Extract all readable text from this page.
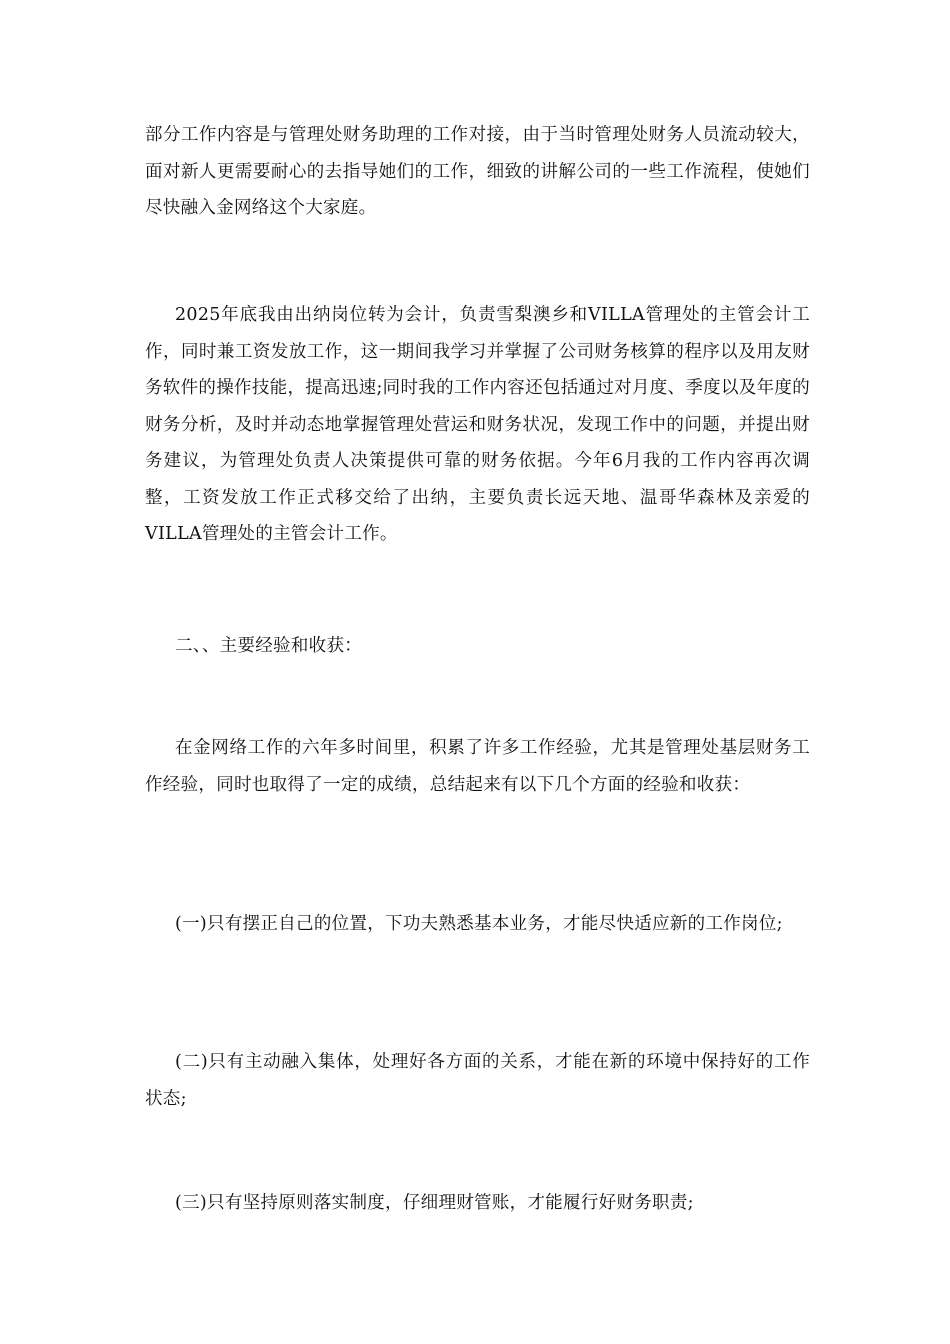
部分工作内容是与管理处财务助理的工作对接，由于当时管理处财务人员流动较大，面对新人更需要耐心的去指导她们的工作，细致的讲解公司的一些工作流程，使她们尽快融入金网络这个大家庭。

2025年底我由出纳岗位转为会计，负责雪梨澳乡和VILLA管理处的主管会计工作，同时兼工资发放工作，这一期间我学习并掌握了公司财务核算的程序以及用友财务软件的操作技能，提高迅速;同时我的工作内容还包括通过对月度、季度以及年度的财务分析，及时并动态地掌握管理处营运和财务状况，发现工作中的问题，并提出财务建议，为管理处负责人决策提供可靠的财务依据。今年6月我的工作内容再次调整，工资发放工作正式移交给了出纳，主要负责长远天地、温哥华森林及亲爱的VILLA管理处的主管会计工作。

二、、主要经验和收获：

在金网络工作的六年多时间里，积累了许多工作经验，尤其是管理处基层财务工作经验，同时也取得了一定的成绩，总结起来有以下几个方面的经验和收获：

(一)只有摆正自己的位置，下功夫熟悉基本业务，才能尽快适应新的工作岗位;

(二)只有主动融入集体，处理好各方面的关系，才能在新的环境中保持好的工作状态;

(三)只有坚持原则落实制度，仔细理财管账，才能履行好财务职责;
